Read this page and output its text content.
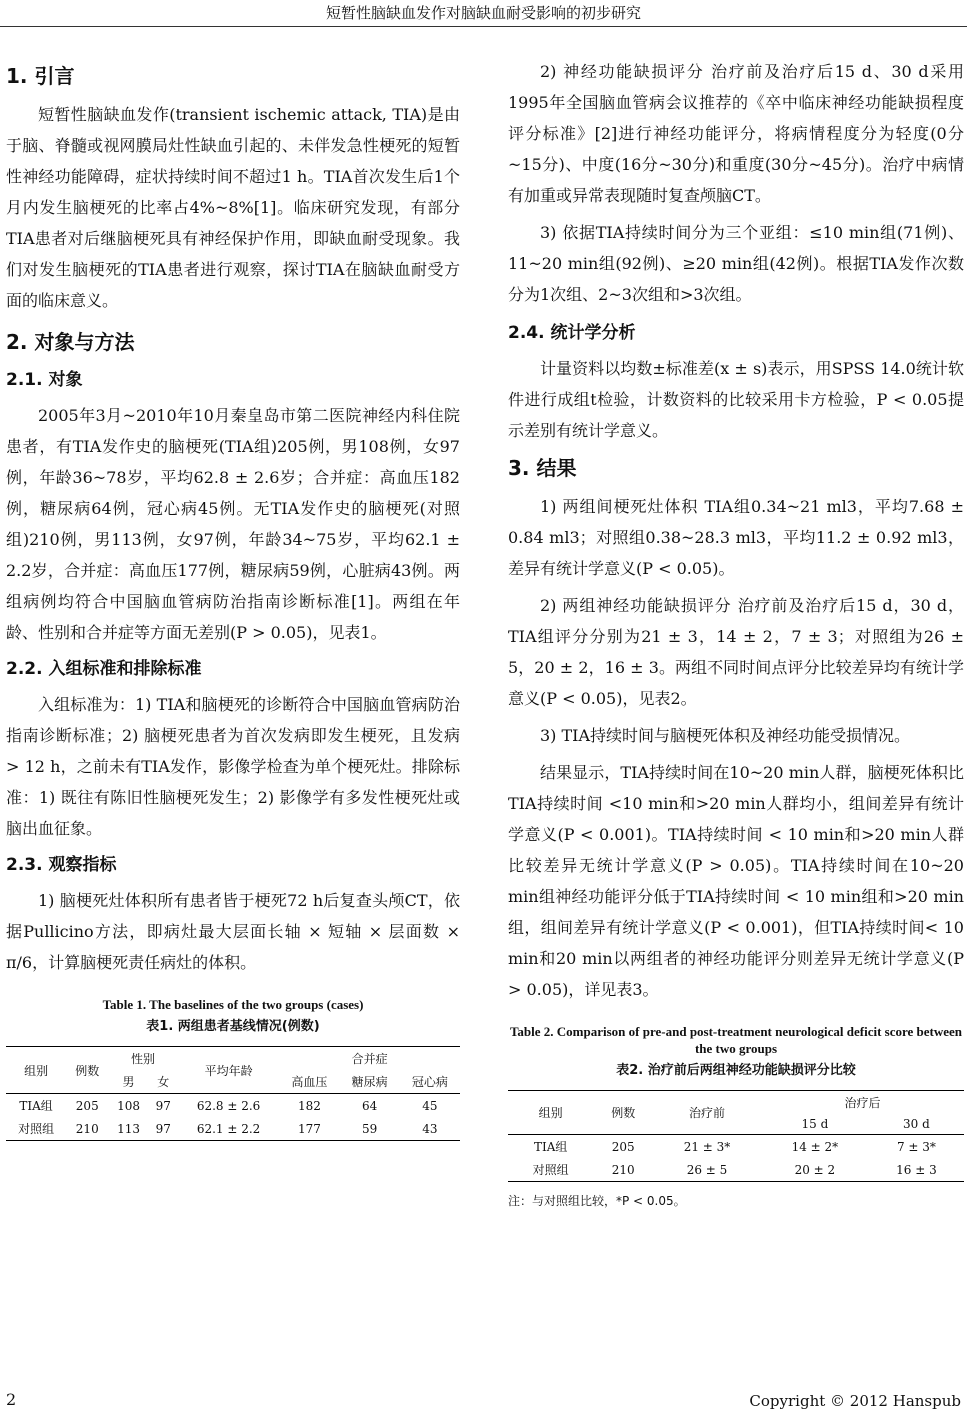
短暂性脑缺血发作对脑缺血耐受影响的初步研究
1. 引言

短暂性脑缺血发作(transient ischemic attack, TIA)是由于脑、脊髓或视网膜局灶性缺血引起的、未伴发急性梗死的短暂性神经功能障碍，症状持续时间不超过1 h。TIA首次发生后1个月内发生脑梗死的比率占4%~8%[1]。临床研究发现，有部分TIA患者对后继脑梗死具有神经保护作用，即缺血耐受现象。我们对发生脑梗死的TIA患者进行观察，探讨TIA在脑缺血耐受方面的临床意义。

2. 对象与方法
2.1. 对象

2005年3月~2010年10月秦皇岛市第二医院神经内科住院患者，有TIA发作史的脑梗死(TIA组)205例，男108例，女97例，年龄36~78岁，平均62.8 ± 2.6岁；合并症：高血压182例，糖尿病64例，冠心病45例。无TIA发作史的脑梗死(对照组)210例，男113例，女97例，年龄34~75岁，平均62.1 ± 2.2岁，合并症：高血压177例，糖尿病59例，心脏病43例。两组病例均符合中国脑血管病防治指南诊断标准[1]。两组在年龄、性别和合并症等方面无差别(P > 0.05)，见表1。

2.2. 入组标准和排除标准

入组标准为：1) TIA和脑梗死的诊断符合中国脑血管病防治指南诊断标准；2) 脑梗死患者为首次发病即发生梗死，且发病 > 12 h，之前未有TIA发作，影像学检查为单个梗死灶。排除标准：1) 既往有陈旧性脑梗死发生；2) 影像学有多发性梗死灶或脑出血征象。

2.3. 观察指标

1) 脑梗死灶体积所有患者皆于梗死72 h后复查头颅CT，依据Pullicino方法，即病灶最大层面长轴 × 短轴 × 层面数 × π/6，计算脑梗死责任病灶的体积。

Table 1. The baselines of the two groups (cases)
表1. 两组患者基线情况(例数)
组别	例数	性别		平均年龄	合并症		
		男	女		高血压	糖尿病	冠心病
TIA组	205	108	97	62.8 ± 2.6	182	64	45
对照组	210	113	97	62.1 ± 2.2	177	59	43

2) 神经功能缺损评分 治疗前及治疗后15 d、30 d采用1995年全国脑血管病会议推荐的《卒中临床神经功能缺损程度评分标准》[2]进行神经功能评分，将病情程度分为轻度(0分~15分)、中度(16分~30分)和重度(30分~45分)。治疗中病情有加重或异常表现随时复查颅脑CT。

3) 依据TIA持续时间分为三个亚组：≤10 min组(71例)、11~20 min组(92例)、≥20 min组(42例)。根据TIA发作次数分为1次组、2~3次组和>3次组。

2.4. 统计学分析

计量资料以均数±标准差(x ± s)表示，用SPSS 14.0统计软件进行成组t检验，计数资料的比较采用卡方检验，P < 0.05提示差别有统计学意义。

3. 结果

1) 两组间梗死灶体积 TIA组0.34~21 ml3，平均7.68 ± 0.84 ml3；对照组0.38~28.3 ml3，平均11.2 ± 0.92 ml3，差异有统计学意义(P < 0.05)。

2) 两组神经功能缺损评分 治疗前及治疗后15 d，30 d，TIA组评分分别为21 ± 3，14 ± 2，7 ± 3；对照组为26 ± 5，20 ± 2，16 ± 3。两组不同时间点评分比较差异均有统计学意义(P < 0.05)，见表2。

3) TIA持续时间与脑梗死体积及神经功能受损情况。

结果显示，TIA持续时间在10~20 min人群，脑梗死体积比TIA持续时间 <10 min和>20 min人群均小，组间差异有统计学意义(P < 0.001)。TIA持续时间 < 10 min和>20 min人群比较差异无统计学意义(P > 0.05)。TIA持续时间在10~20 min组神经功能评分低于TIA持续时间 < 10 min组和>20 min组，组间差异有统计学意义(P < 0.001)，但TIA持续时间< 10 min和20 min以两组者的神经功能评分则差异无统计学意义(P > 0.05)，详见表3。

Table 2. Comparison of pre-and post-treatment neurological deficit score between the two groups
表2. 治疗前后两组神经功能缺损评分比较
组别	例数	治疗前	治疗后	
			15 d	30 d
TIA组	205	21 ± 3*	14 ± 2*	7 ± 3*
对照组	210	26 ± 5	20 ± 2	16 ± 3
注：与对照组比较，*P < 0.05。
2	Copyright © 2012 Hanspub
